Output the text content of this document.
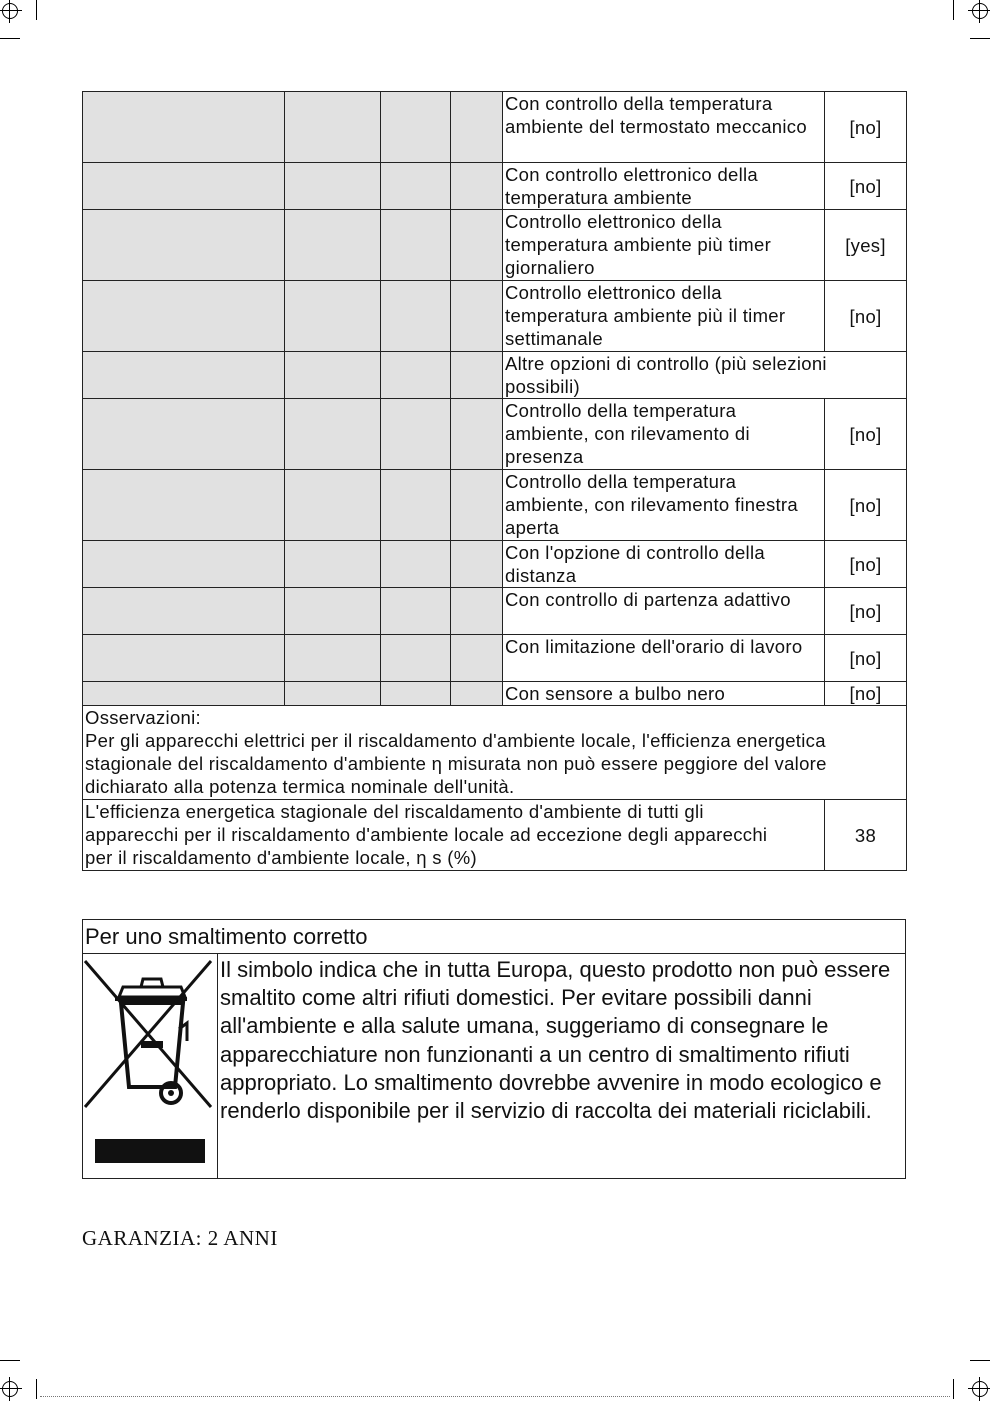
				Con controllo della temperatura ambiente del termostato meccanico	[no]
				Con controllo elettronico della temperatura ambiente	[no]
				Controllo elettronico della temperatura ambiente più timer giornaliero	[yes]
				Controllo elettronico della temperatura ambiente più il timer settimanale	[no]
				Altre opzioni di controllo (più selezioni possibili)	
				Controllo della temperatura ambiente, con rilevamento di presenza	[no]
				Controllo della temperatura ambiente, con rilevamento finestra aperta	[no]
				Con l'opzione di controllo della distanza	[no]
				Con controllo di partenza adattivo	[no]
				Con limitazione dell'orario di lavoro	[no]
				Con sensore a bulbo nero	[no]

Osservazioni:
Per gli apparecchi elettrici per il riscaldamento d'ambiente locale, l'efficienza energetica stagionale del riscaldamento d'ambiente η misurata non può essere peggiore del valore dichiarato alla potenza termica nominale dell'unità.					

L'efficienza energetica stagionale del riscaldamento d'ambiente di tutti gli apparecchi per il riscaldamento d'ambiente locale ad eccezione degli apparecchi per il riscaldamento d'ambiente locale, η s (%)					38
Per uno smaltimento corretto
Il simbolo indica che in tutta Europa, questo prodotto non può essere smaltito come altri rifiuti domestici. Per evitare possibili danni all'ambiente e alla salute umana, suggeriamo di consegnare le apparecchiature non funzionanti a un centro di smaltimento rifiuti appropriato. Lo smaltimento dovrebbe avvenire in modo ecologico e renderlo disponibile per il servizio di raccolta dei materiali riciclabili.
GARANZIA: 2 ANNI
